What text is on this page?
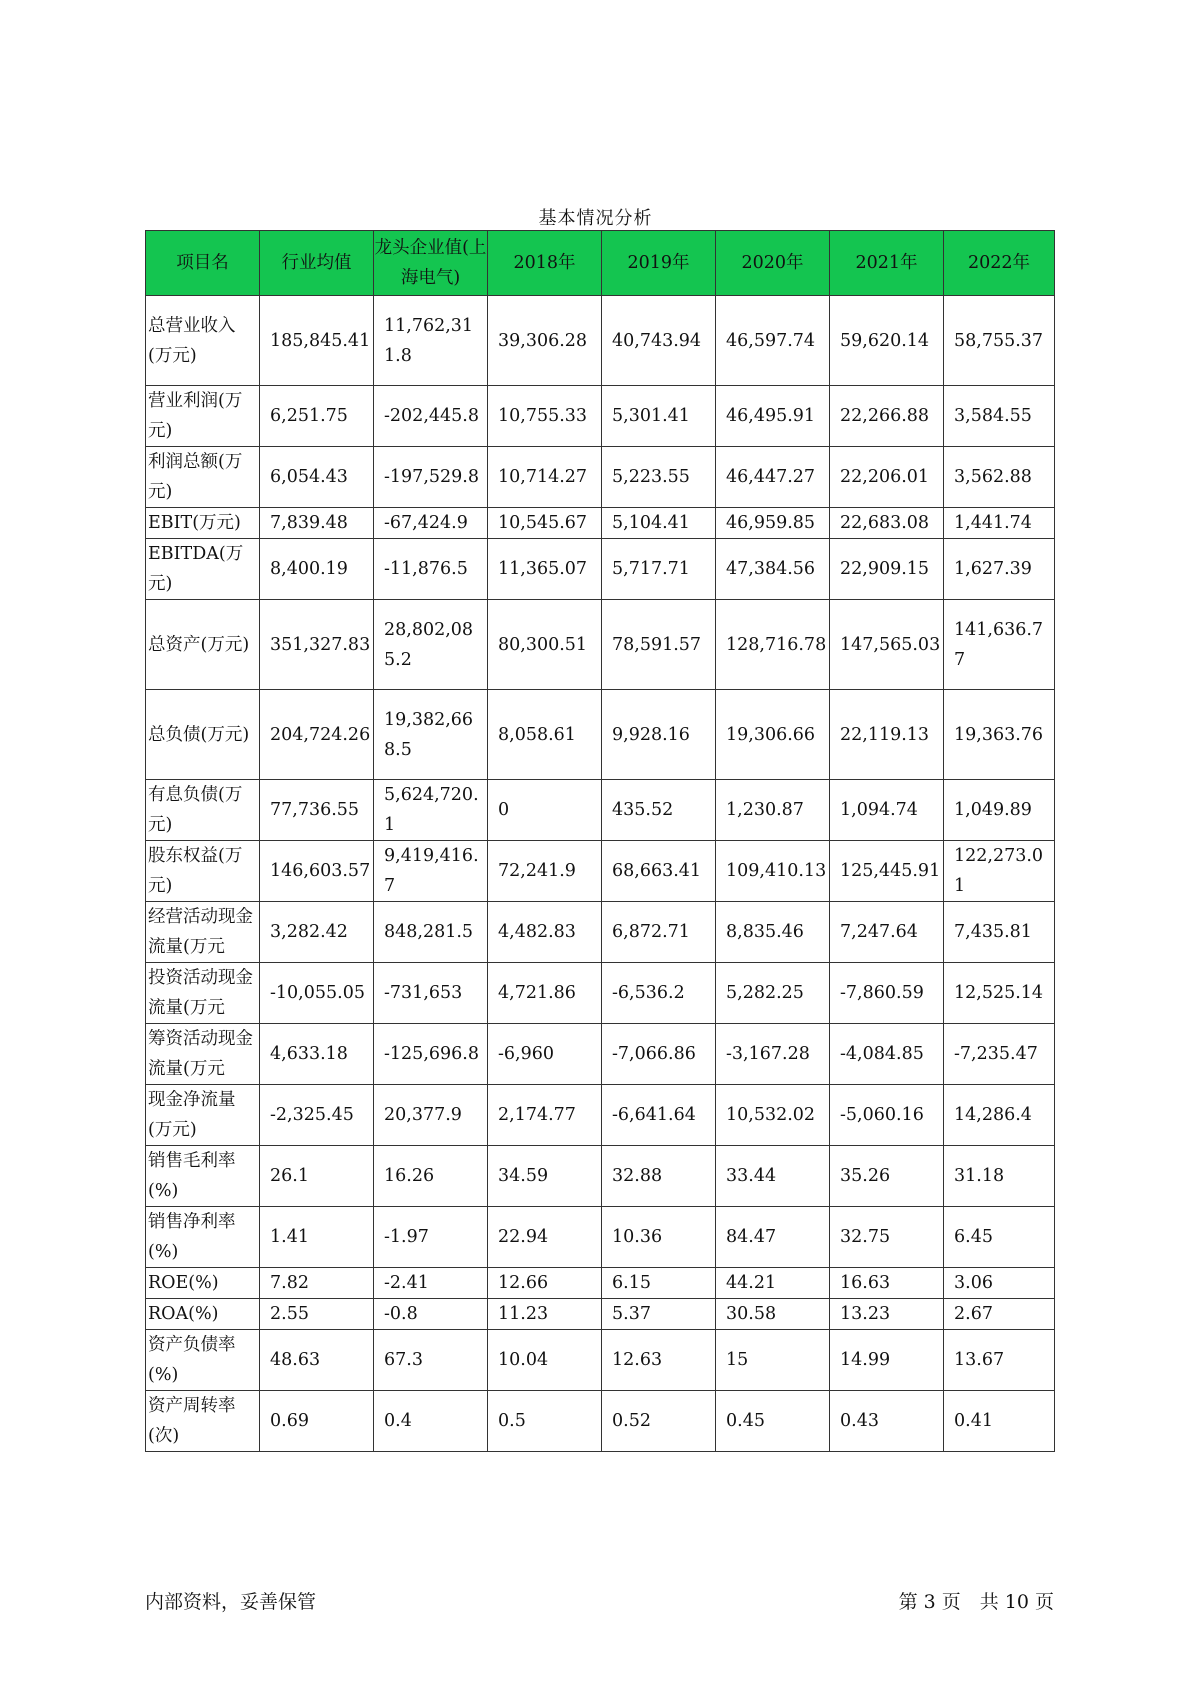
基本情况分析
项目名	行业均值	龙头企业值(上海电气)	2018年	2019年	2020年	2021年	2022年
总营业收入(万元)	185,845.41	11,762,311.8	39,306.28	40,743.94	46,597.74	59,620.14	58,755.37
营业利润(万元)	6,251.75	-202,445.8	10,755.33	5,301.41	46,495.91	22,266.88	3,584.55
利润总额(万元)	6,054.43	-197,529.8	10,714.27	5,223.55	46,447.27	22,206.01	3,562.88
EBIT(万元)	7,839.48	-67,424.9	10,545.67	5,104.41	46,959.85	22,683.08	1,441.74
EBITDA(万元)	8,400.19	-11,876.5	11,365.07	5,717.71	47,384.56	22,909.15	1,627.39
总资产(万元)	351,327.83	28,802,085.2	80,300.51	78,591.57	128,716.78	147,565.03	141,636.77
总负债(万元)	204,724.26	19,382,668.5	8,058.61	9,928.16	19,306.66	22,119.13	19,363.76
有息负债(万元)	77,736.55	5,624,720.1	0	435.52	1,230.87	1,094.74	1,049.89
股东权益(万元)	146,603.57	9,419,416.7	72,241.9	68,663.41	109,410.13	125,445.91	122,273.01
经营活动现金流量(万元	3,282.42	848,281.5	4,482.83	6,872.71	8,835.46	7,247.64	7,435.81
投资活动现金流量(万元	-10,055.05	-731,653	4,721.86	-6,536.2	5,282.25	-7,860.59	12,525.14
筹资活动现金流量(万元	4,633.18	-125,696.8	-6,960	-7,066.86	-3,167.28	-4,084.85	-7,235.47
现金净流量(万元)	-2,325.45	20,377.9	2,174.77	-6,641.64	10,532.02	-5,060.16	14,286.4
销售毛利率(%)	26.1	16.26	34.59	32.88	33.44	35.26	31.18
销售净利率(%)	1.41	-1.97	22.94	10.36	84.47	32.75	6.45
ROE(%)	7.82	-2.41	12.66	6.15	44.21	16.63	3.06
ROA(%)	2.55	-0.8	11.23	5.37	30.58	13.23	2.67
资产负债率(%)	48.63	67.3	10.04	12.63	15	14.99	13.67
资产周转率(次)	0.69	0.4	0.5	0.52	0.45	0.43	0.41
内部资料，妥善保管	第 3 页　共 10 页
